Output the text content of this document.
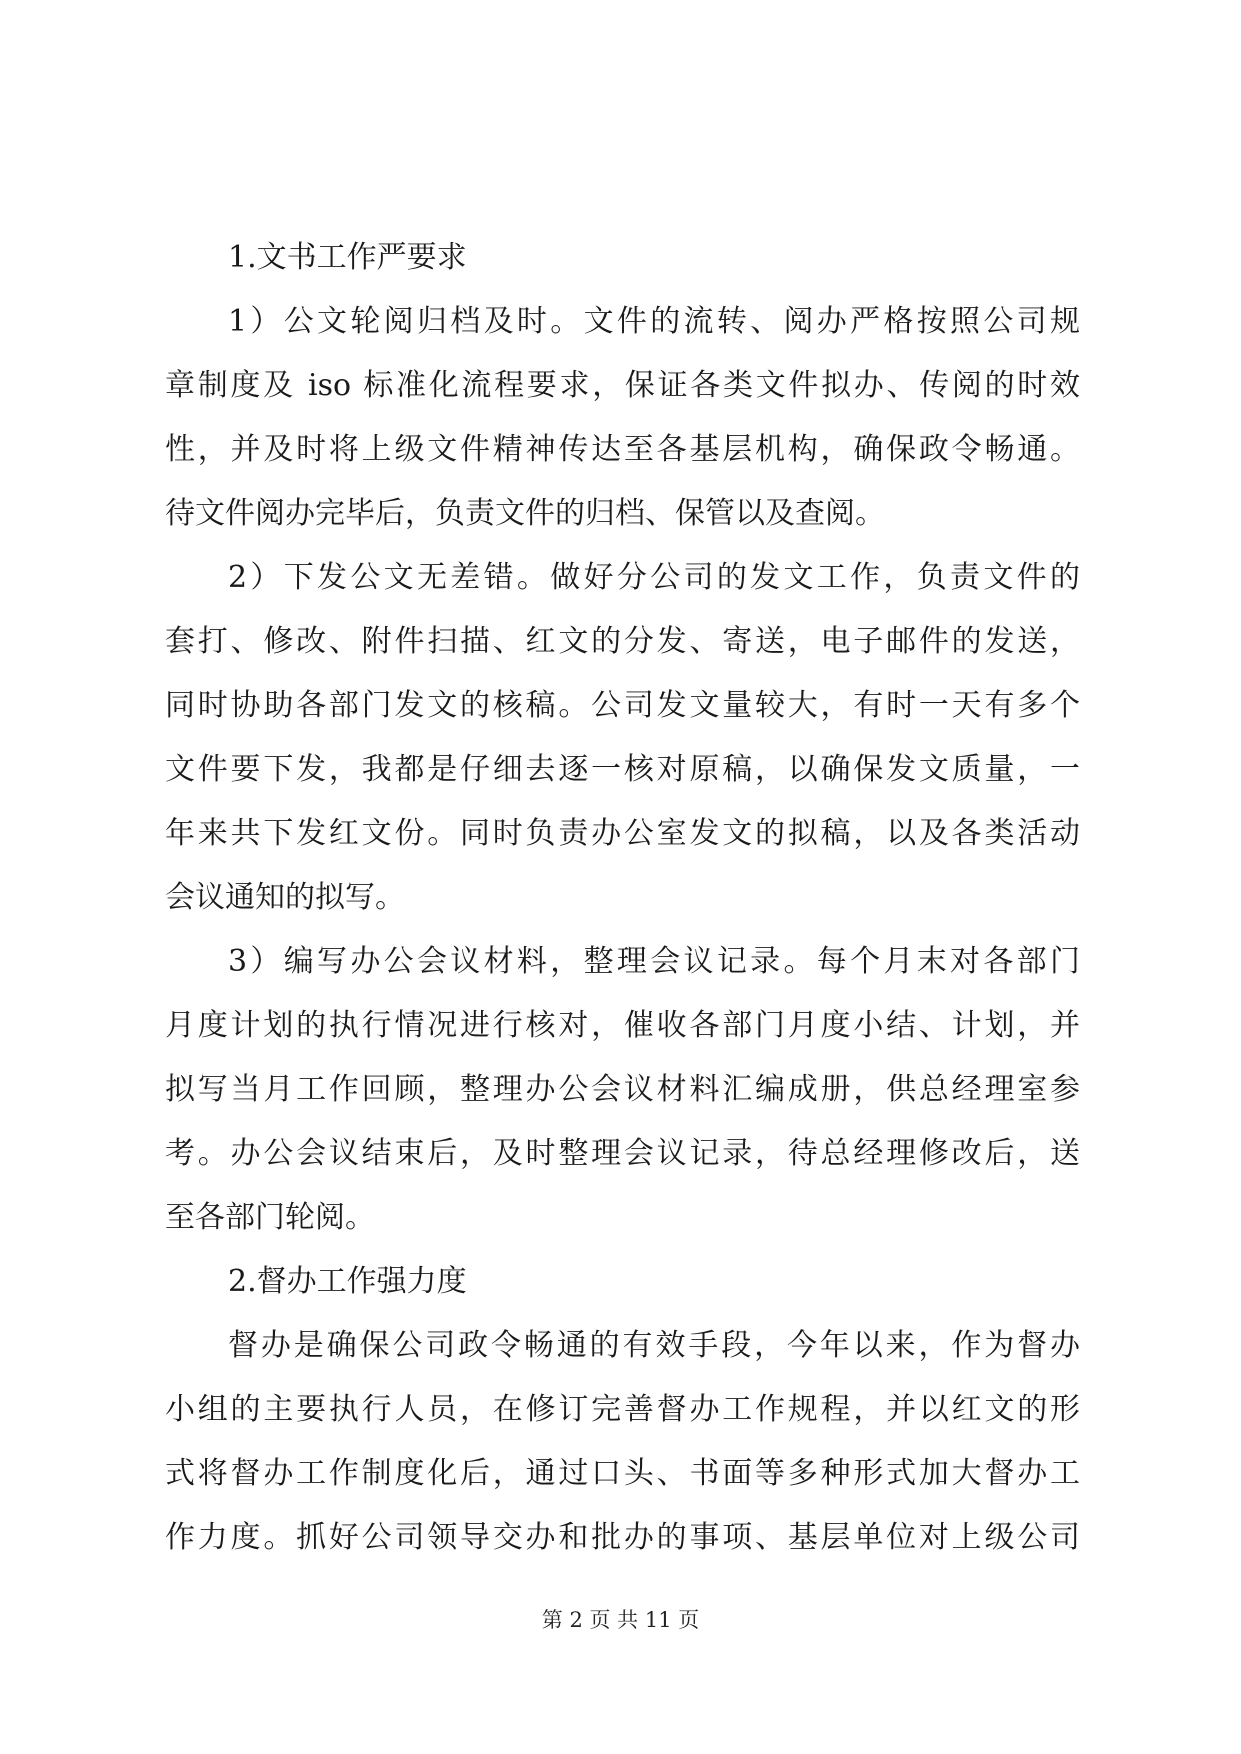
1.文书工作严要求
1）公文轮阅归档及时。文件的流转、阅办严格按照公司规
章制度及 iso 标准化流程要求，保证各类文件拟办、传阅的时效
性，并及时将上级文件精神传达至各基层机构，确保政令畅通。
待文件阅办完毕后，负责文件的归档、保管以及查阅。
2）下发公文无差错。做好分公司的发文工作，负责文件的
套打、修改、附件扫描、红文的分发、寄送，电子邮件的发送，
同时协助各部门发文的核稿。公司发文量较大，有时一天有多个
文件要下发，我都是仔细去逐一核对原稿，以确保发文质量，一
年来共下发红文份。同时负责办公室发文的拟稿，以及各类活动
会议通知的拟写。
3）编写办公会议材料，整理会议记录。每个月末对各部门
月度计划的执行情况进行核对，催收各部门月度小结、计划，并
拟写当月工作回顾，整理办公会议材料汇编成册，供总经理室参
考。办公会议结束后，及时整理会议记录，待总经理修改后，送
至各部门轮阅。
2.督办工作强力度
督办是确保公司政令畅通的有效手段，今年以来，作为督办
小组的主要执行人员，在修订完善督办工作规程，并以红文的形
式将督办工作制度化后，通过口头、书面等多种形式加大督办工
作力度。抓好公司领导交办和批办的事项、基层单位对上级公司
第 2 页 共 11 页
